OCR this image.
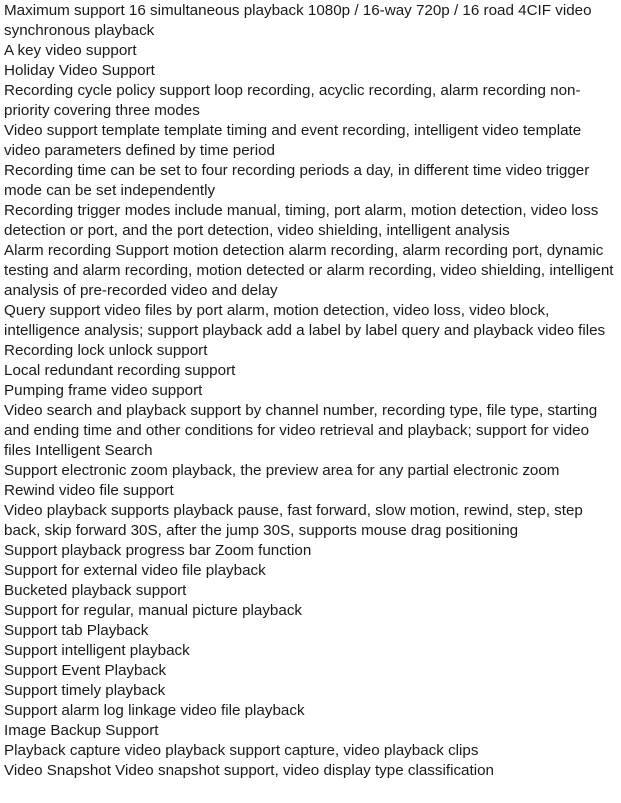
Maximum support 16 simultaneous playback 1080p / 16-way 720p / 16 road 4CIF video synchronous playback

A key video support

Holiday Video Support

Recording cycle policy support loop recording, acyclic recording, alarm recording non-priority covering three modes

Video support template template timing and event recording, intelligent video template video parameters defined by time period

Recording time can be set to four recording periods a day, in different time video trigger mode can be set independently

Recording trigger modes include manual, timing, port alarm, motion detection, video loss detection or port, and the port detection, video shielding, intelligent analysis

Alarm recording Support motion detection alarm recording, alarm recording port, dynamic testing and alarm recording, motion detected or alarm recording, video shielding, intelligent analysis of pre-recorded video and delay

Query support video files by port alarm, motion detection, video loss, video block, intelligence analysis; support playback add a label by label query and playback video files

Recording lock unlock support

Local redundant recording support

Pumping frame video support

Video search and playback support by channel number, recording type, file type, starting and ending time and other conditions for video retrieval and playback; support for video files Intelligent Search

Support electronic zoom playback, the preview area for any partial electronic zoom

Rewind video file support

Video playback supports playback pause, fast forward, slow motion, rewind, step, step back, skip forward 30S, after the jump 30S, supports mouse drag positioning

Support playback progress bar Zoom function

Support for external video file playback

Bucketed playback support

Support for regular, manual picture playback

Support tab Playback

Support intelligent playback

Support Event Playback

Support timely playback

Support alarm log linkage video file playback

Image Backup Support

Playback capture video playback support capture, video playback clips

Video Snapshot Video snapshot support, video display type classification
